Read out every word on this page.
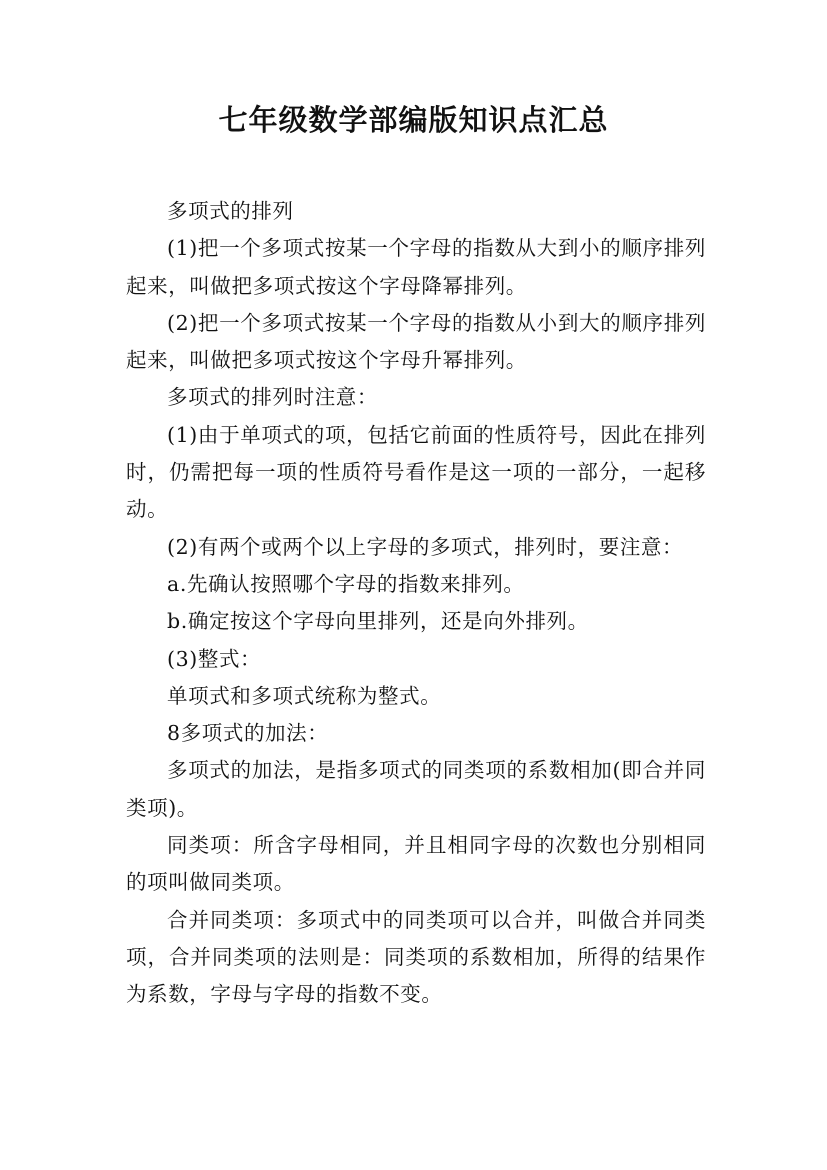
七年级数学部编版知识点汇总

多项式的排列

(1)把一个多项式按某一个字母的指数从大到小的顺序排列起来，叫做把多项式按这个字母降幂排列。

(2)把一个多项式按某一个字母的指数从小到大的顺序排列起来，叫做把多项式按这个字母升幂排列。

多项式的排列时注意：

(1)由于单项式的项，包括它前面的性质符号，因此在排列时，仍需把每一项的性质符号看作是这一项的一部分，一起移动。

(2)有两个或两个以上字母的多项式，排列时，要注意：

a.先确认按照哪个字母的指数来排列。

b.确定按这个字母向里排列，还是向外排列。

(3)整式：

单项式和多项式统称为整式。

8多项式的加法：

多项式的加法，是指多项式的同类项的系数相加(即合并同类项)。

同类项：所含字母相同，并且相同字母的次数也分别相同的项叫做同类项。

合并同类项：多项式中的同类项可以合并，叫做合并同类项，合并同类项的法则是：同类项的系数相加，所得的结果作为系数，字母与字母的指数不变。
